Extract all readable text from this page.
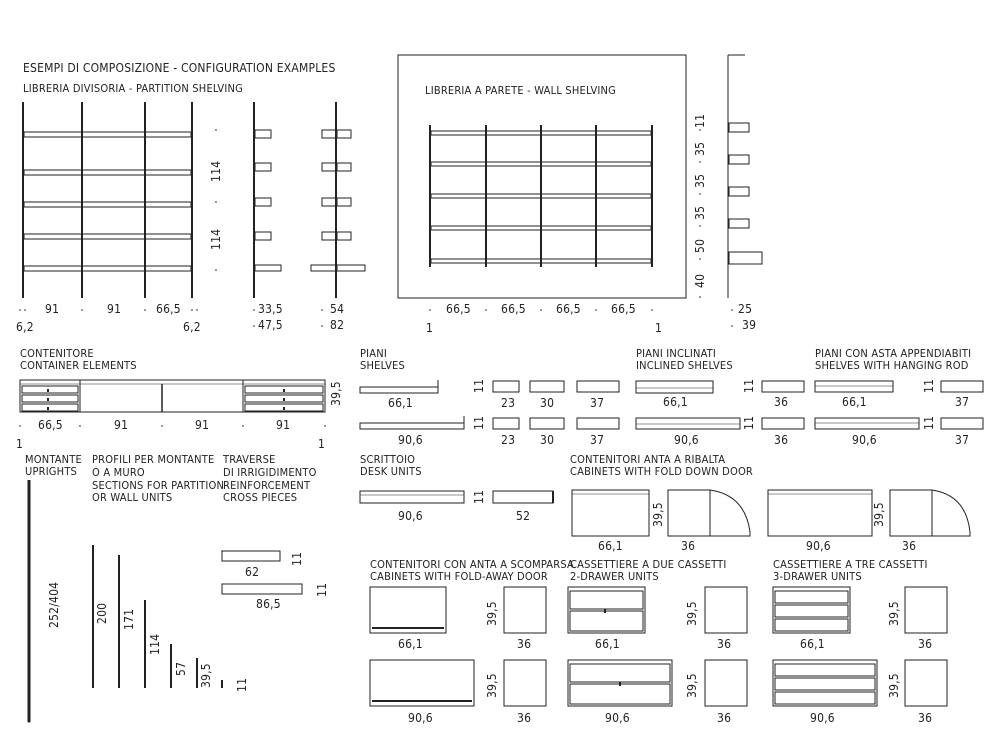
ESEMPI DI COMPOSIZIONE - CONFIGURATION EXAMPLES
LIBRERIA DIVISORIA - PARTITION SHELVING	LIBRERIA A PARETE - WALL SHELVING
91	91	66,5
6,2	6,2
114
114
33,5
47,5
54
82
66,5	66,5	66,5	66,5
1	1
11
35
35
35
50
40
25
39
CONTENITORE
CONTAINER ELEMENTS
66,5	91	91	91
1	1
39,5
PIANI
SHELVES
66,1
90,6
11
11
23 30	37
23 30	37
PIANI INCLINATI
INCLINED SHELVES
66,1
90,6
11
11
36
36
PIANI CON ASTA APPENDIABITI
SHELVES WITH HANGING ROD
66,1
90,6
11
11
37
37
MONTANTE
UPRIGHTS
252/404
PROFILI PER MONTANTE
O A MURO
SECTIONS FOR PARTITION
OR WALL UNITS
200 171
114
57 39,5 11
TRAVERSE
DI IRRIGIDIMENTO
REINFORCEMENT
CROSS PIECES
62
86,5
11
11
SCRITTOIO
DESK UNITS
90,6
11
52
CONTENITORI ANTA A RIBALTA
CABINETS WITH FOLD DOWN DOOR
66,1	90,6
39,5	39,5
36	36
CONTENITORI CON ANTA A SCOMPARSA
CABINETS WITH FOLD-AWAY DOOR
66,1
90,6
39,5
39,5
36
36
CASSETTIERE A DUE CASSETTI
2-DRAWER UNITS
66,1
90,6
39,5
39,5
36
36
CASSETTIERE A TRE CASSETTI
3-DRAWER UNITS
66,1
90,6
39,5
39,5
36
36
